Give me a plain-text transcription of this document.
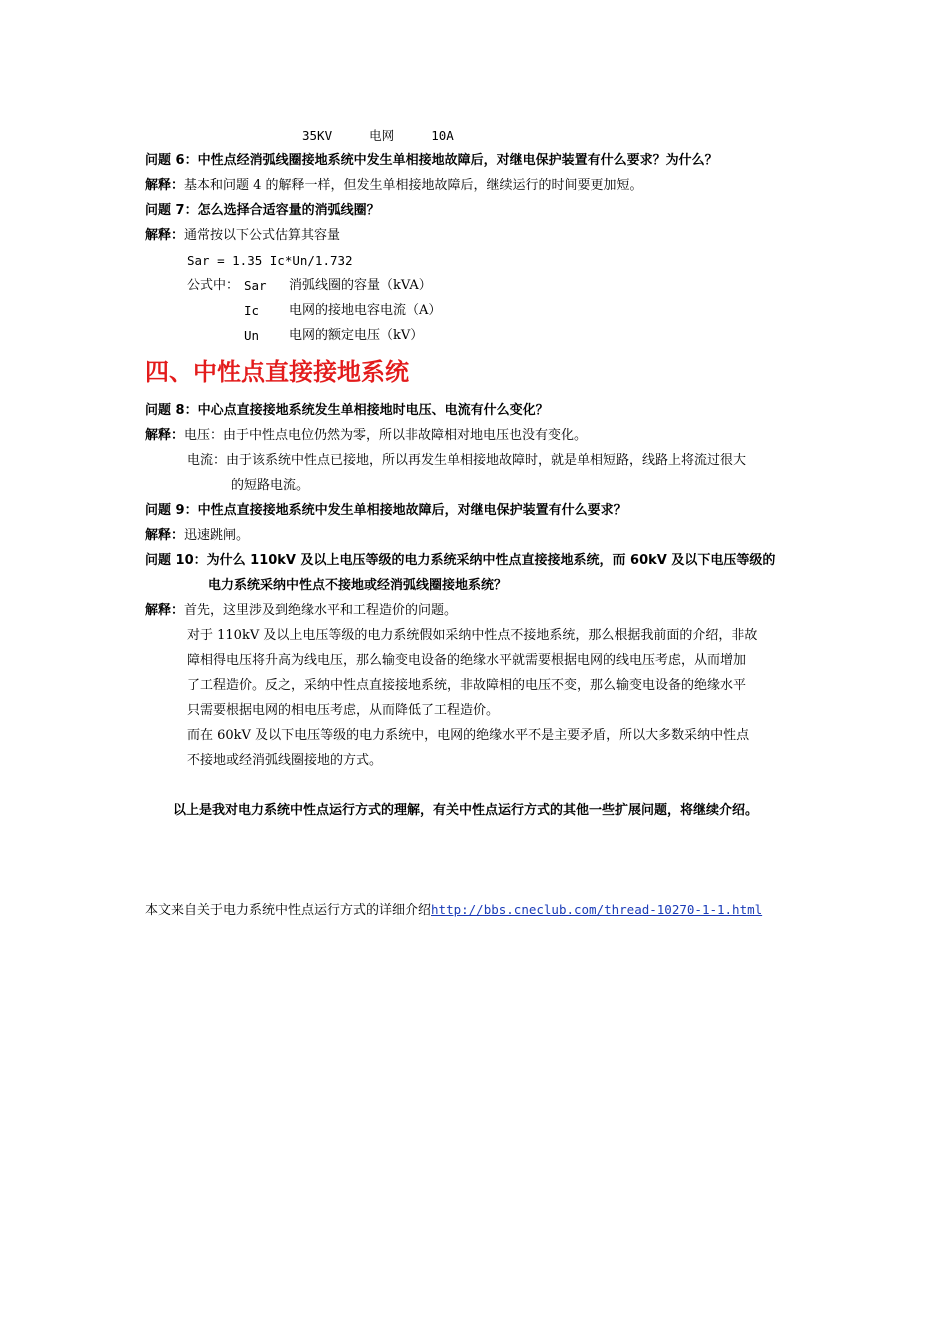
35KV	电网	10A
问题 6：中性点经消弧线圈接地系统中发生单相接地故障后，对继电保护装置有什么要求？为什么？
解释：基本和问题 4 的解释一样，但发生单相接地故障后，继续运行的时间要更加短。
问题 7：怎么选择合适容量的消弧线圈？
解释：通常按以下公式估算其容量
Sar = 1.35 Ic*Un/1.732
公式中： Sar 消弧线圈的容量（kVA）
Ic 电网的接地电容电流（A）
Un 电网的额定电压（kV）
四、中性点直接接地系统
问题 8：中心点直接接地系统发生单相接地时电压、电流有什么变化？
解释：电压：由于中性点电位仍然为零，所以非故障相对地电压也没有变化。
电流：由于该系统中性点已接地，所以再发生单相接地故障时，就是单相短路，线路上将流过很大
的短路电流。
问题 9：中性点直接接地系统中发生单相接地故障后，对继电保护装置有什么要求？
解释：迅速跳闸。
问题 10：为什么 110kV 及以上电压等级的电力系统采纳中性点直接接地系统，而 60kV 及以下电压等级的
电力系统采纳中性点不接地或经消弧线圈接地系统？
解释：首先，这里涉及到绝缘水平和工程造价的问题。
对于 110kV 及以上电压等级的电力系统假如采纳中性点不接地系统，那么根据我前面的介绍，非故
障相得电压将升高为线电压，那么输变电设备的绝缘水平就需要根据电网的线电压考虑，从而增加
了工程造价。反之，采纳中性点直接接地系统，非故障相的电压不变，那么输变电设备的绝缘水平
只需要根据电网的相电压考虑，从而降低了工程造价。
而在 60kV 及以下电压等级的电力系统中，电网的绝缘水平不是主要矛盾，所以大多数采纳中性点
不接地或经消弧线圈接地的方式。
以上是我对电力系统中性点运行方式的理解，有关中性点运行方式的其他一些扩展问题，将继续介绍。
本文来自关于电力系统中性点运行方式的详细介绍http://bbs.cneclub.com/thread-10270-1-1.html
